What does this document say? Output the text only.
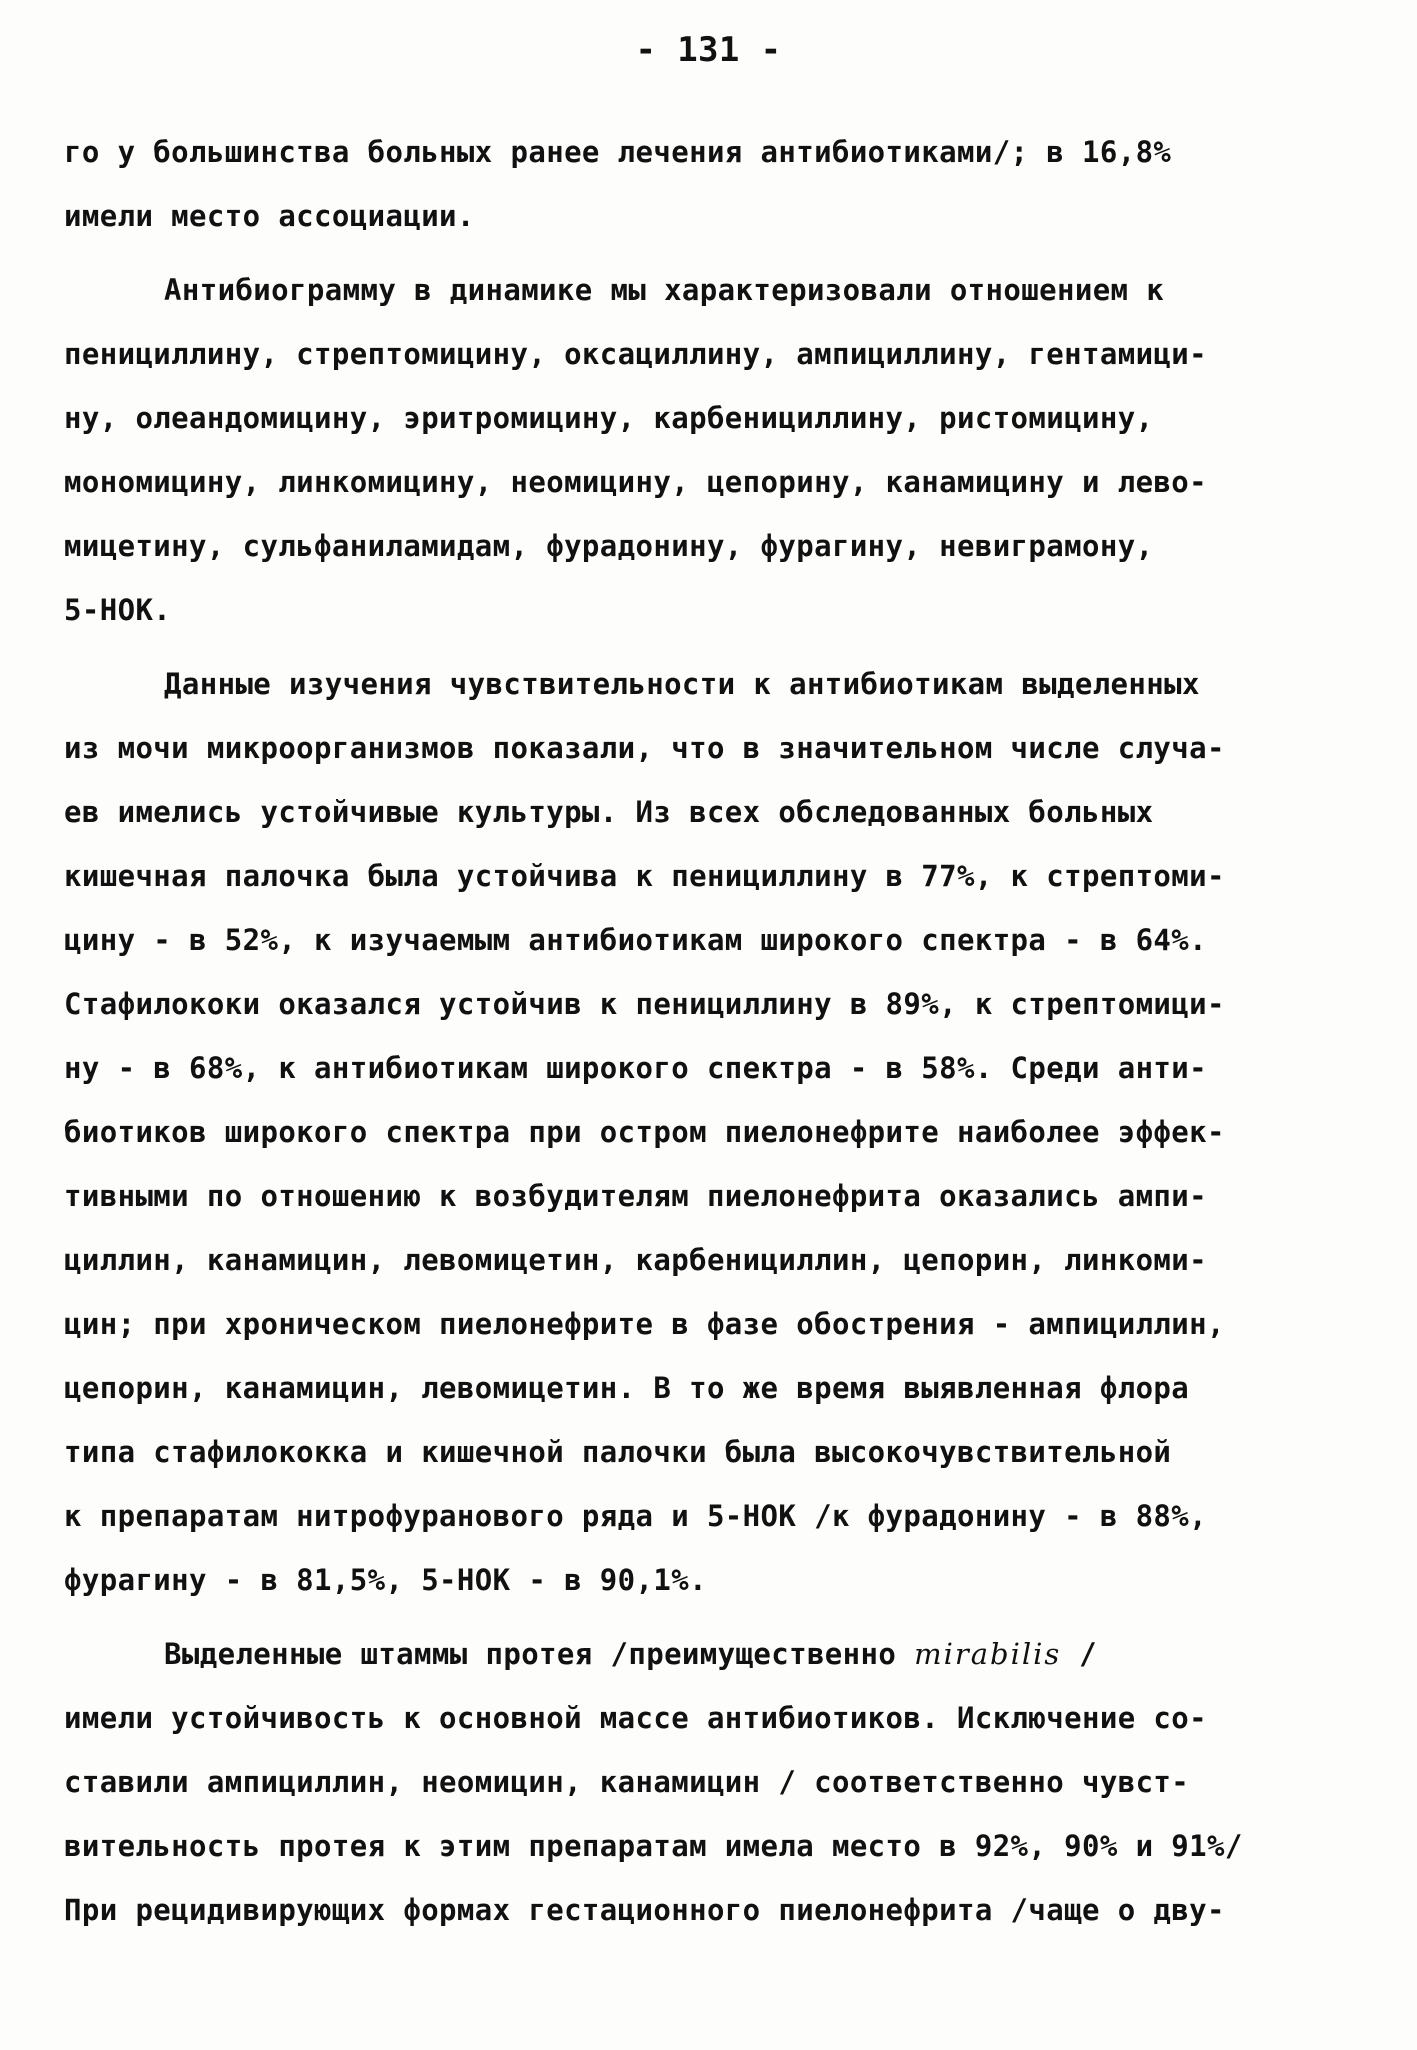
- 131 -
го у большинства больных ранее лечения антибиотиками/; в 16,8%
имели место ассоциации.
Антибиограмму в динамике мы характеризовали отношением к
пенициллину, стрептомицину, оксациллину, ампициллину, гентамици-
ну, олеандомицину, эритромицину, карбенициллину, ристомицину,
мономицину, линкомицину, неомицину, цепорину, канамицину и лево-
мицетину, сульфаниламидам, фурадонину, фурагину, невиграмону,
5-НОК.
Данные изучения чувствительности к антибиотикам выделенных
из мочи микроорганизмов показали, что в значительном числе случа-
ев имелись устойчивые культуры. Из всех обследованных больных
кишечная палочка была устойчива к пенициллину в 77%, к стрептоми-
цину - в 52%, к изучаемым антибиотикам широкого спектра - в 64%.
Стафилококи оказался устойчив к пенициллину в 89%, к стрептомици-
ну - в 68%, к антибиотикам широкого спектра - в 58%. Среди анти-
биотиков широкого спектра при остром пиелонефрите наиболее эффек-
тивными по отношению к возбудителям пиелонефрита оказались ампи-
циллин, канамицин, левомицетин, карбенициллин, цепорин, линкоми-
цин; при хроническом пиелонефрите в фазе обострения - ампициллин,
цепорин, канамицин, левомицетин. В то же время выявленная флора
типа стафилококка и кишечной палочки была высокочувствительной
к препаратам нитрофуранового ряда и 5-НОК /к фурадонину - в 88%,
фурагину - в 81,5%, 5-НОК - в 90,1%.
Выделенные штаммы протея /преимущественно mirabilis /
имели устойчивость к основной массе антибиотиков. Исключение со-
ставили ампициллин, неомицин, канамицин / соответственно чувст-
вительность протея к этим препаратам имела место в 92%, 90% и 91%/
При рецидивирующих формах гестационного пиелонефрита /чаще о дву-
